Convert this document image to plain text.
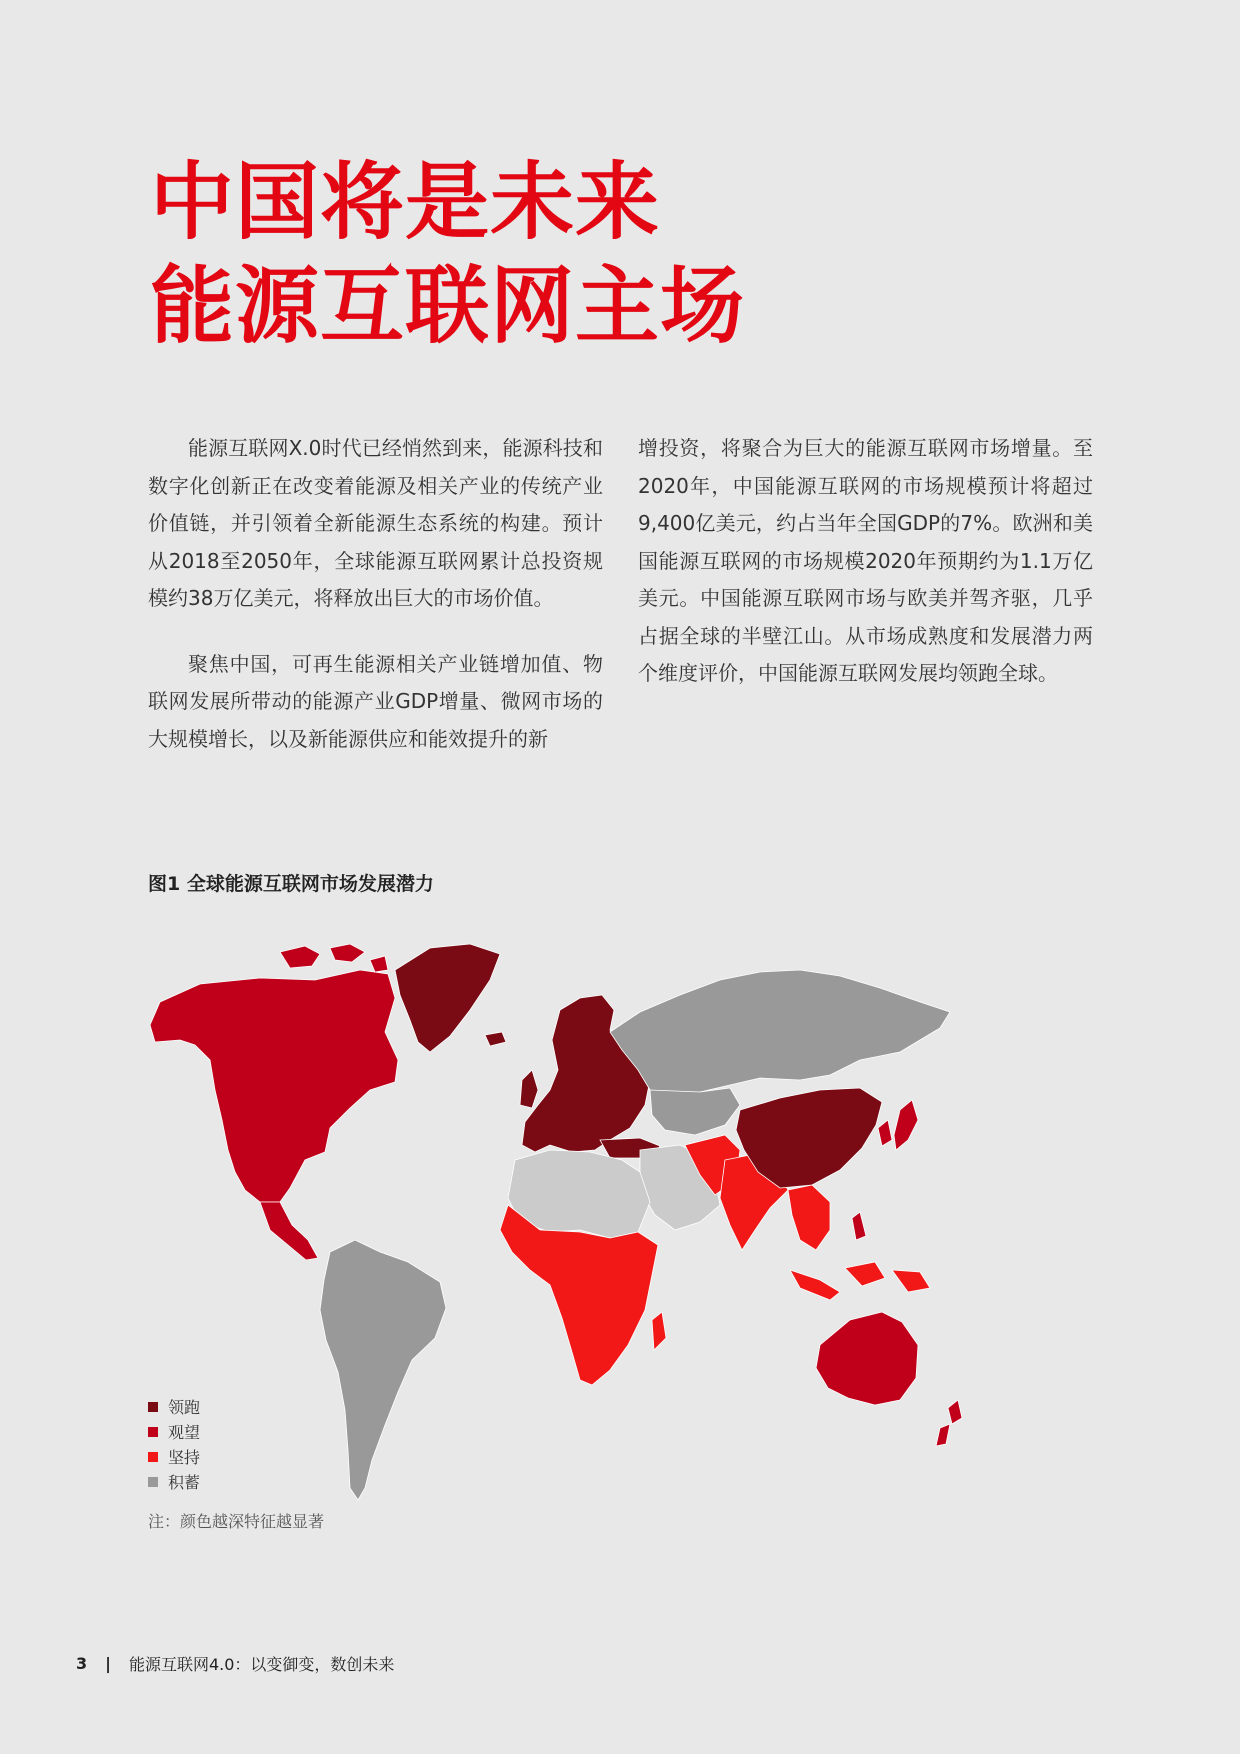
中国将是未来
能源互联网主场

能源互联网X.0时代已经悄然到来，能源科技和数字化创新正在改变着能源及相关产业的传统产业价值链，并引领着全新能源生态系统的构建。预计从2018至2050年，全球能源互联网累计总投资规模约38万亿美元，将释放出巨大的市场价值。

聚焦中国，可再生能源相关产业链增加值、物联网发展所带动的能源产业GDP增量、微网市场的大规模增长，以及新能源供应和能效提升的新

增投资，将聚合为巨大的能源互联网市场增量。至2020年，中国能源互联网的市场规模预计将超过9,400亿美元，约占当年全国GDP的7%。欧洲和美国能源互联网的市场规模2020年预期约为1.1万亿美元。中国能源互联网市场与欧美并驾齐驱，几乎占据全球的半壁江山。从市场成熟度和发展潜力两个维度评价，中国能源互联网发展均领跑全球。

图1 全球能源互联网市场发展潜力

领跑
观望
坚持
积蓄
注：颜色越深特征越显著
3 | 能源互联网4.0：以变御变，数创未来
